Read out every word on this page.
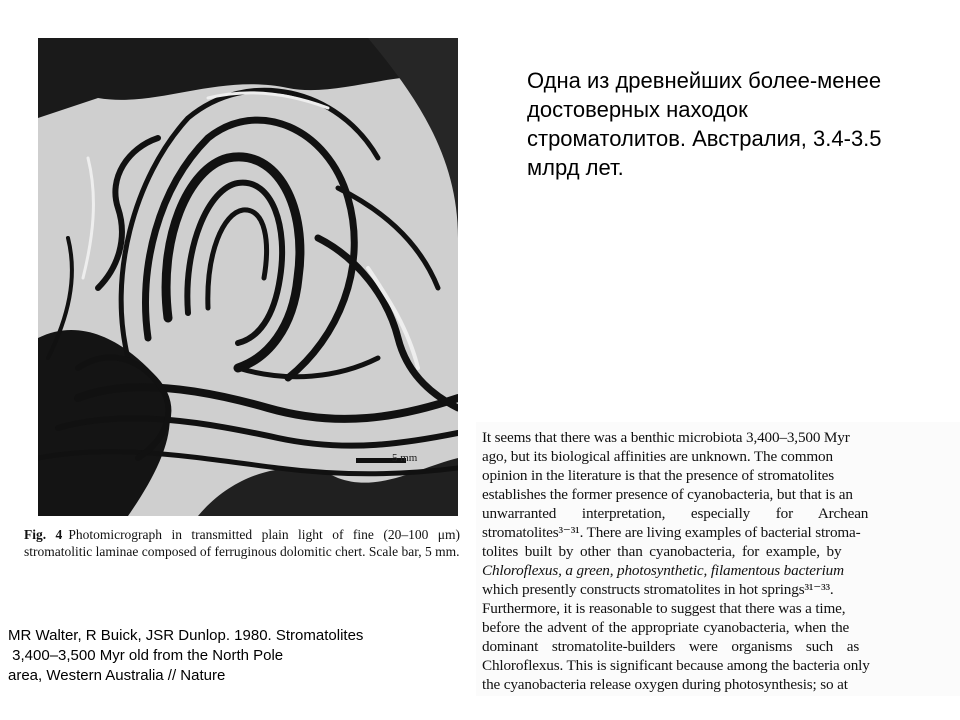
5 mm
Fig. 4 Photomicrograph in transmitted plain light of fine (20–100 μm) stromatolitic laminae composed of ferruginous dolomitic chert. Scale bar, 5 mm.
Одна из древнейших более-менее достоверных находок строматолитов. Австралия, 3.4-3.5 млрд лет.
It seems that there was a benthic microbiota 3,400–3,500 Myr
ago, but its biological affinities are unknown. The common
opinion in the literature is that the presence of stromatolites
establishes the former presence of cyanobacteria, but that is an
unwarranted interpretation, especially for Archean
stromatolites³⁻³¹. There are living examples of bacterial stroma-
tolites built by other than cyanobacteria, for example, by
Chloroflexus, a green, photosynthetic, filamentous bacterium
which presently constructs stromatolites in hot springs³¹⁻³³.
Furthermore, it is reasonable to suggest that there was a time,
before the advent of the appropriate cyanobacteria, when the
dominant stromatolite-builders were organisms such as
Chloroflexus. This is significant because among the bacteria only
the cyanobacteria release oxygen during photosynthesis; so at
MR Walter, R Buick, JSR Dunlop. 1980. Stromatolites
3,400–3,500 Myr old from the North Pole
area, Western Australia // Nature
